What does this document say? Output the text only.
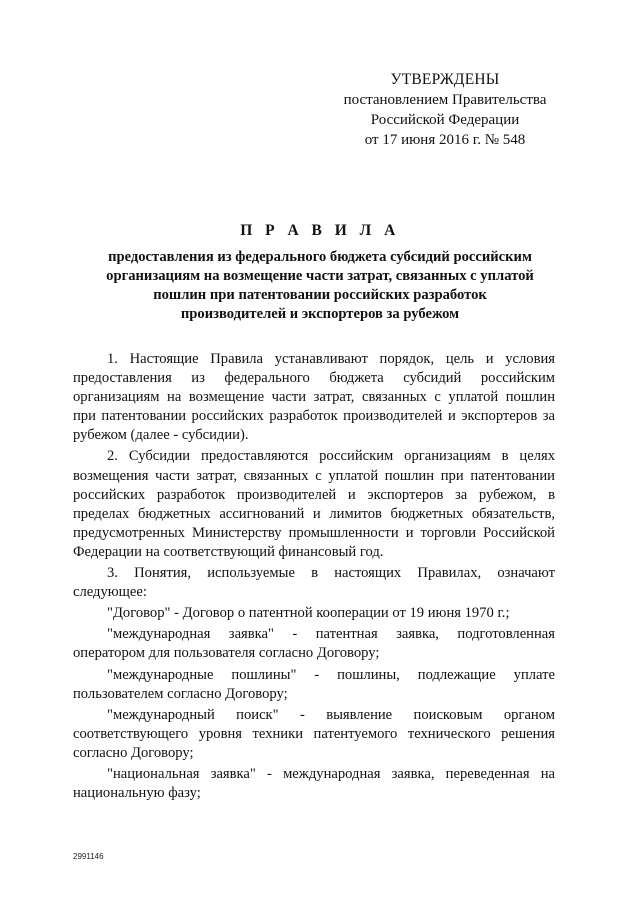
УТВЕРЖДЕНЫ
постановлением Правительства
Российской Федерации
от 17 июня 2016 г. № 548
П Р А В И Л А
предоставления из федерального бюджета субсидий российским
организациям на возмещение части затрат, связанных с уплатой
пошлин при патентовании российских разработок
производителей и экспортеров за рубежом
1. Настоящие Правила устанавливают порядок, цель и условия
предоставления из федерального бюджета субсидий российским
организациям на возмещение части затрат, связанных с уплатой пошлин
при патентовании российских разработок производителей и экспортеров за
рубежом (далее - субсидии).
2. Субсидии предоставляются российским организациям в целях
возмещения части затрат, связанных с уплатой пошлин при патентовании
российских разработок производителей и экспортеров за рубежом, в
пределах бюджетных ассигнований и лимитов бюджетных обязательств,
предусмотренных Министерству промышленности и торговли Российской
Федерации на соответствующий финансовый год.
3. Понятия, используемые в настоящих Правилах, означают
следующее:
"Договор" - Договор о патентной кооперации от 19 июня 1970 г.;
"международная заявка" - патентная заявка, подготовленная
оператором для пользователя согласно Договору;
"международные пошлины" - пошлины, подлежащие уплате
пользователем согласно Договору;
"международный поиск" - выявление поисковым органом
соответствующего уровня техники патентуемого технического решения
согласно Договору;
"национальная заявка" - международная заявка, переведенная на
национальную фазу;
2991146
